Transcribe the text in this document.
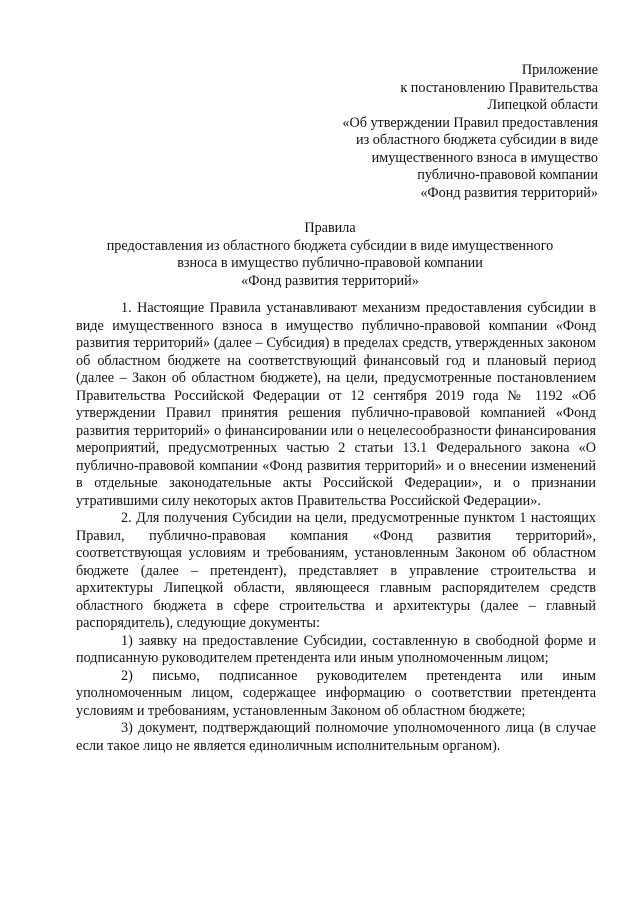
Приложение
к постановлению Правительства
Липецкой области
«Об утверждении Правил предоставления
из областного бюджета субсидии в виде
имущественного взноса в имущество
публично-правовой компании
«Фонд развития территорий»
Правила
предоставления из областного бюджета субсидии в виде имущественного
взноса в имущество публично-правовой компании
«Фонд развития территорий»

1. Настоящие Правила устанавливают механизм предоставления субсидии в виде имущественного взноса в имущество публично-правовой компании «Фонд развития территорий» (далее – Субсидия) в пределах средств, утвержденных законом об областном бюджете на соответствующий финансовый год и плановый период (далее – Закон об областном бюджете), на цели, предусмотренные постановлением Правительства Российской Федерации от 12 сентября 2019 года № 1192 «Об утверждении Правил принятия решения публично-правовой компанией «Фонд развития территорий» о финансировании или о нецелесообразности финансирования мероприятий, предусмотренных частью 2 статьи 13.1 Федерального закона «О публично-правовой компании «Фонд развития территорий» и о внесении изменений в отдельные законодательные акты Российской Федерации», и о признании утратившими силу некоторых актов Правительства Российской Федерации».

2. Для получения Субсидии на цели, предусмотренные пунктом 1 настоящих Правил, публично-правовая компания «Фонд развития территорий», соответствующая условиям и требованиям, установленным Законом об областном бюджете (далее – претендент), представляет в управление строительства и архитектуры Липецкой области, являющееся главным распорядителем средств областного бюджета в сфере строительства и архитектуры (далее – главный распорядитель), следующие документы:

1) заявку на предоставление Субсидии, составленную в свободной форме и подписанную руководителем претендента или иным уполномоченным лицом;

2) письмо, подписанное руководителем претендента или иным уполномоченным лицом, содержащее информацию о соответствии претендента условиям и требованиям, установленным Законом об областном бюджете;

3) документ, подтверждающий полномочие уполномоченного лица (в случае если такое лицо не является единоличным исполнительным органом).
